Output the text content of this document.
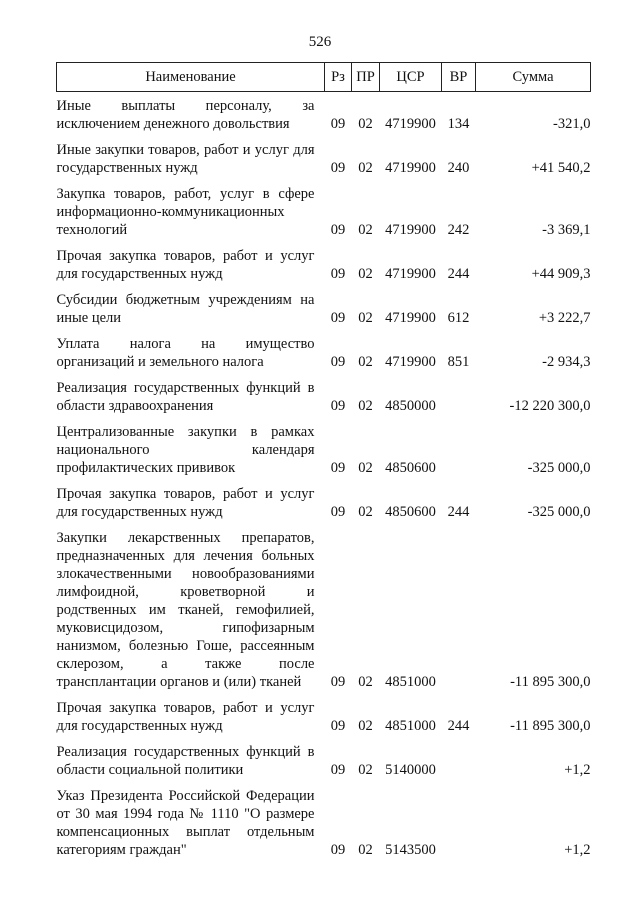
526
Наименование	Рз	ПР	ЦСР	ВР	Сумма
Иные выплаты персоналу, за исключением денежного довольствия	09	02	4719900	134	-321,0
Иные закупки товаров, работ и услуг для государственных нужд	09	02	4719900	240	+41 540,2
Закупка товаров, работ, услуг в сфере информационно-коммуникационных технологий	09	02	4719900	242	-3 369,1
Прочая закупка товаров, работ и услуг для государственных нужд	09	02	4719900	244	+44 909,3
Субсидии бюджетным учреждениям на иные цели	09	02	4719900	612	+3 222,7
Уплата налога на имущество организаций и земельного налога	09	02	4719900	851	-2 934,3
Реализация государственных функций в области здравоохранения	09	02	4850000		-12 220 300,0
Централизованные закупки в рамках национального календаря профилактических прививок	09	02	4850600		-325 000,0
Прочая закупка товаров, работ и услуг для государственных нужд	09	02	4850600	244	-325 000,0
Закупки лекарственных препаратов, предназначенных для лечения больных злокачественными новообразованиями лимфоидной, кроветворной и родственных им тканей, гемофилией, муковисцидозом, гипофизарным нанизмом, болезнью Гоше, рассеянным склерозом, а также после трансплантации органов и (или) тканей	09	02	4851000		-11 895 300,0
Прочая закупка товаров, работ и услуг для государственных нужд	09	02	4851000	244	-11 895 300,0
Реализация государственных функций в области социальной политики	09	02	5140000		+1,2
Указ Президента Российской Федерации от 30 мая 1994 года № 1110 "О размере компенсационных выплат отдельным категориям граждан"	09	02	5143500		+1,2
